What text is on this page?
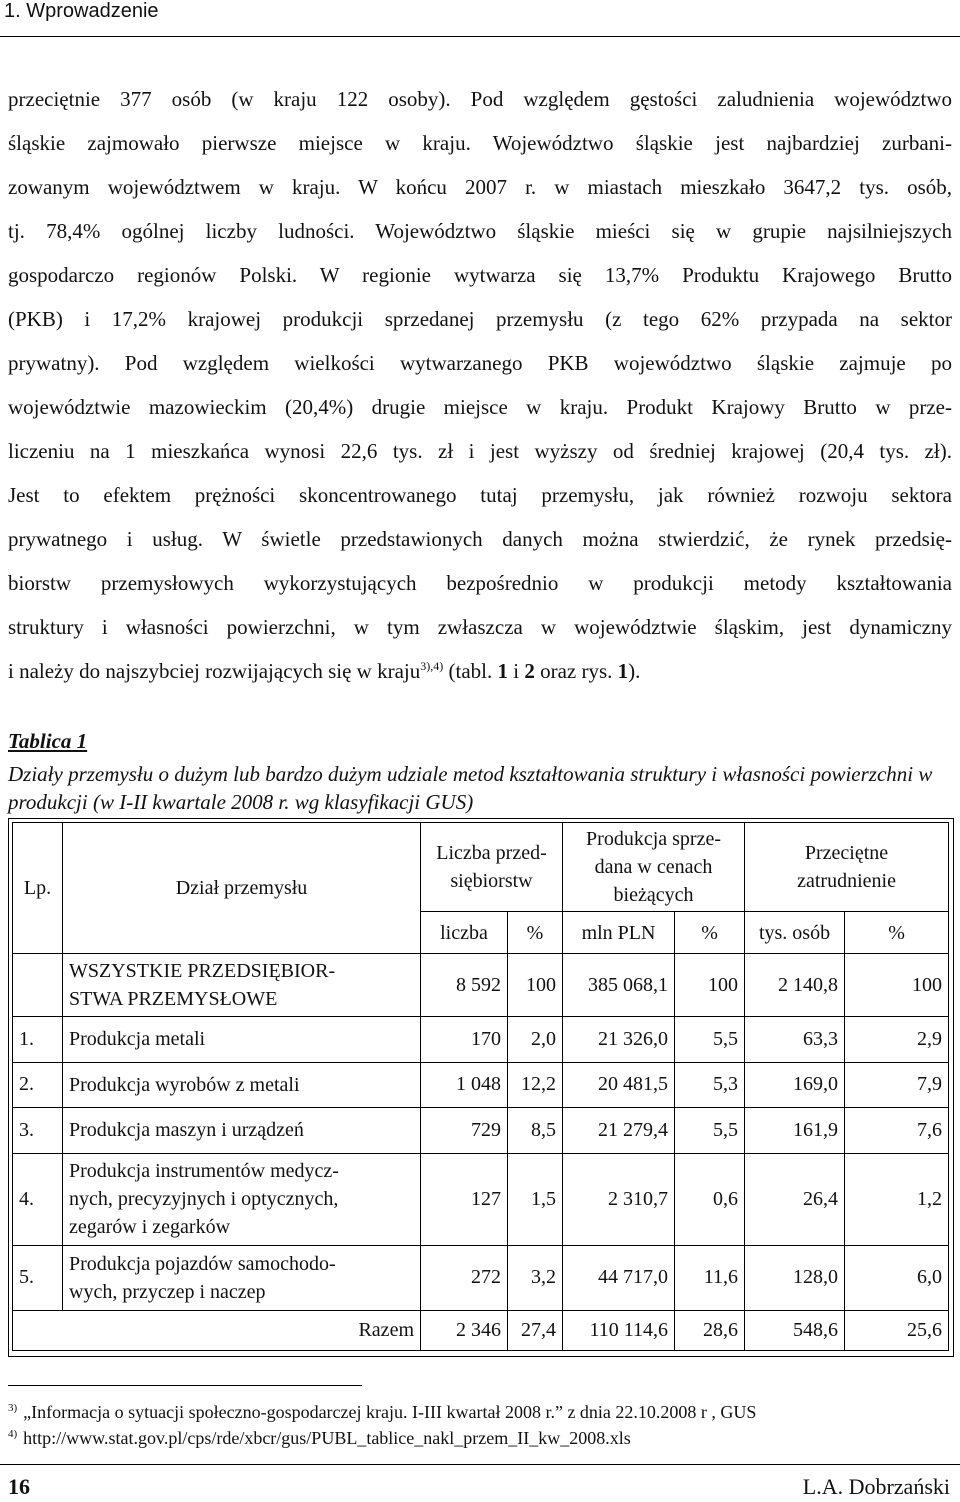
1. Wprowadzenie
przeciętnie 377 osób (w kraju 122 osoby). Pod względem gęstości zaludnienia województwo
śląskie zajmowało pierwsze miejsce w kraju. Województwo śląskie jest najbardziej zurbani-
zowanym województwem w kraju. W końcu 2007 r. w miastach mieszkało 3647,2 tys. osób,
tj. 78,4% ogólnej liczby ludności. Województwo śląskie mieści się w grupie najsilniejszych
gospodarczo regionów Polski. W regionie wytwarza się 13,7% Produktu Krajowego Brutto
(PKB) i 17,2% krajowej produkcji sprzedanej przemysłu (z tego 62% przypada na sektor
prywatny). Pod względem wielkości wytwarzanego PKB województwo śląskie zajmuje po
województwie mazowieckim (20,4%) drugie miejsce w kraju. Produkt Krajowy Brutto w prze-
liczeniu na 1 mieszkańca wynosi 22,6 tys. zł i jest wyższy od średniej krajowej (20,4 tys. zł).
Jest to efektem prężności skoncentrowanego tutaj przemysłu, jak również rozwoju sektora
prywatnego i usług. W świetle przedstawionych danych można stwierdzić, że rynek przedsię-
biorstw przemysłowych wykorzystujących bezpośrednio w produkcji metody kształtowania
struktury i własności powierzchni, w tym zwłaszcza w województwie śląskim, jest dynamiczny
i należy do najszybciej rozwijających się w kraju$^{3),4)}$ (tabl. 1 i 2 oraz rys. 1).
Tablica 1
Działy przemysłu o dużym lub bardzo dużym udziale metod kształtowania struktury i własności powierzchni w produkcji (w I-II kwartale 2008 r. wg klasyfikacji GUS)
Lp.	Dział przemysłu	Liczba przed-
siębiorstw		Produkcja sprze-
dana w cenach
bieżących		Przeciętne
zatrudnienie	
		liczba	%	mln PLN	%	tys. osób	%
	WSZYSTKIE PRZEDSIĘBIOR-
STWA PRZEMYSŁOWE	8 592	100	385 068,1	100	2 140,8	100
1.	Produkcja metali	170	2,0	21 326,0	5,5	63,3	2,9
2.	Produkcja wyrobów z metali	1 048	12,2	20 481,5	5,3	169,0	7,9
3.	Produkcja maszyn i urządzeń	729	8,5	21 279,4	5,5	161,9	7,6
4.	Produkcja instrumentów medycz-
nych, precyzyjnych i optycznych,
zegarów i zegarków	127	1,5	2 310,7	0,6	26,4	1,2
5.	Produkcja pojazdów samochodo-
wych, przyczep i naczep	272	3,2	44 717,0	11,6	128,0	6,0
Razem		2 346	27,4	110 114,6	28,6	548,6	25,6
$^{3)}$ „Informacja o sytuacji społeczno-gospodarczej kraju. I-III kwartał 2008 r.” z dnia 22.10.2008 r , GUS
$^{4)}$ http://www.stat.gov.pl/cps/rde/xbcr/gus/PUBL_tablice_nakl_przem_II_kw_2008.xls
16	L.A. Dobrzański
